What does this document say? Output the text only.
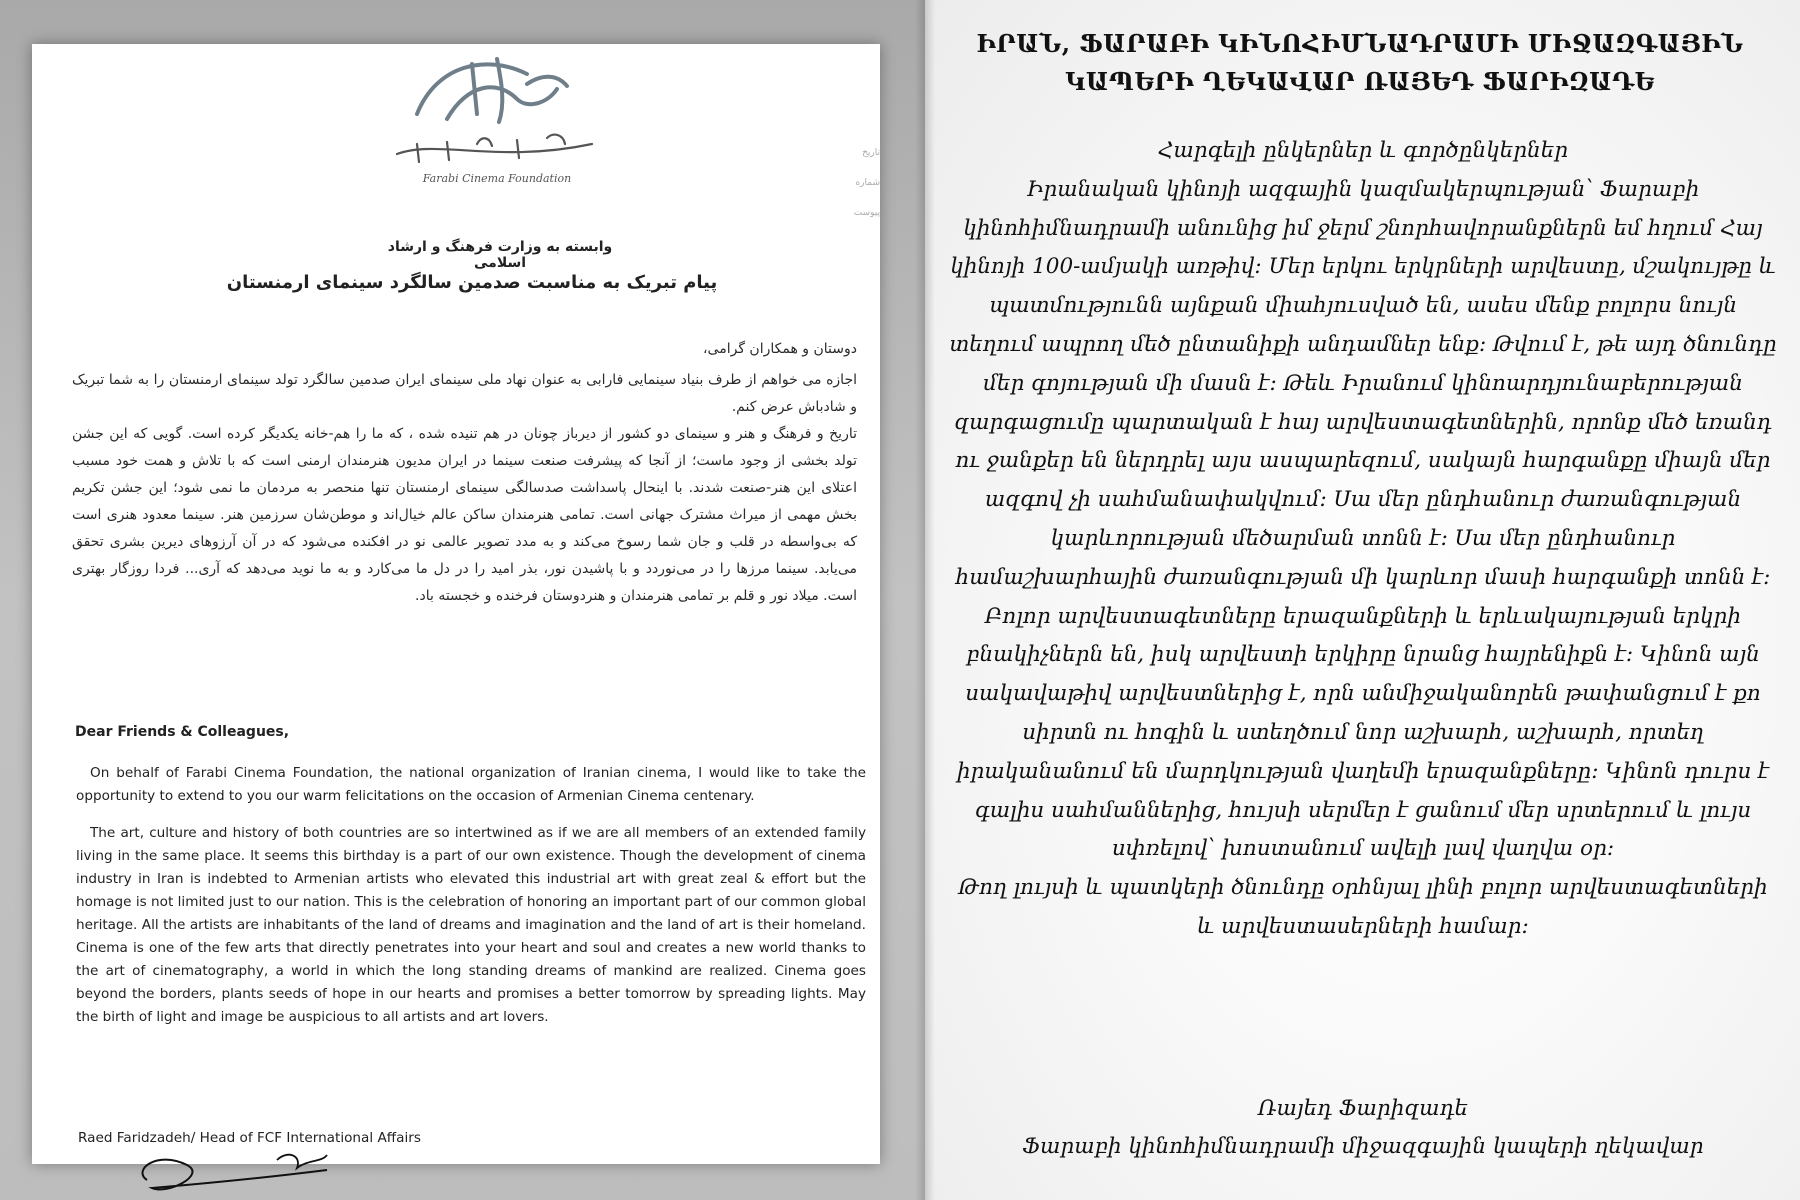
Farabi Cinema Foundation
تاریخ
شماره
پیوست
وابسته به وزارت فرهنگ و ارشاد اسلامی
پیام تبریک به مناسبت صدمین سالگرد سینمای ارمنستان

دوستان و همکاران گرامی،

اجازه می خواهم از طرف بنیاد سینمایی فارابی به عنوان نهاد ملی سینمای ایران صدمین سالگرد تولد سینمای ارمنستان را به شما تبریک و شادباش عرض کنم.

تاریخ و فرهنگ و هنر و سینمای دو کشور از دیرباز چونان در هم تنیده شده ، که ما را هم-خانه یکدیگر کرده است. گویی که این جشن تولد بخشی از وجود ماست؛ از آنجا که پیشرفت صنعت سینما در ایران مدیون هنرمندان ارمنی است که با تلاش و همت خود مسبب اعتلای این هنر-صنعت شدند. با اینحال پاسداشت صدسالگی سینمای ارمنستان تنها منحصر به مردمان ما نمی شود؛ این جشن تکریم بخش مهمی از میراث مشترک جهانی است. تمامی هنرمندان ساکن عالم خیال‌اند و موطن‌شان سرزمین هنر. سینما معدود هنری است که بی‌واسطه در قلب و جان شما رسوخ می‌کند و به مدد تصویر عالمی نو در افکنده می‌شود که در آن آرزوهای دیرین بشری تحقق می‌یابد. سینما مرزها را در می‌نوردد و با پاشیدن نور، بذر امید را در دل ما می‌کارد و به ما نوید می‌دهد که آری... فردا روزگار بهتری است. میلاد نور و قلم بر تمامی هنرمندان و هنردوستان فرخنده و خجسته باد.

Dear Friends & Colleagues,

On behalf of Farabi Cinema Foundation, the national organization of Iranian cinema, I would like to take the opportunity to extend to you our warm felicitations on the occasion of Armenian Cinema centenary.

The art, culture and history of both countries are so intertwined as if we are all members of an extended family living in the same place. It seems this birthday is a part of our own existence. Though the development of cinema industry in Iran is indebted to Armenian artists who elevated this industrial art with great zeal & effort but the homage is not limited just to our nation. This is the celebration of honoring an important part of our common global heritage. All the artists are inhabitants of the land of dreams and imagination and the land of art is their homeland. Cinema is one of the few arts that directly penetrates into your heart and soul and creates a new world thanks to the art of cinematography, a world in which the long standing dreams of mankind are realized. Cinema goes beyond the borders, plants seeds of hope in our hearts and promises a better tomorrow by spreading lights. May the birth of light and image be auspicious to all artists and art lovers.

Raed Faridzadeh/ Head of FCF International Affairs
ԻՐԱՆ, ՖԱՐԱԲԻ ԿԻՆՈՀԻՄՆԱԴՐԱՄԻ ՄԻՋԱԶԳԱՅԻՆ ԿԱՊԵՐԻ ՂԵԿԱՎԱՐ ՌԱՅԵԴ ՖԱՐԻԶԱԴԵ

Հարգելի ընկերներ և գործընկերներ

Իրանական կինոյի ազգային կազմակերպության՝ Ֆարաբի կինոհիմնադրամի անունից իմ ջերմ շնորհավորանքներն եմ հղում Հայ կինոյի 100-ամյակի առթիվ: Մեր երկու երկրների արվեստը, մշակույթը և պատմությունն այնքան միահյուսված են, ասես մենք բոլորս նույն տեղում ապրող մեծ ընտանիքի անդամներ ենք: Թվում է, թե այդ ծնունդը մեր գոյության մի մասն է: Թեև Իրանում կինոարդյունաբերության զարգացումը պարտական է հայ արվեստագետներին, որոնք մեծ եռանդ ու ջանքեր են ներդրել այս ասպարեզում, սակայն հարգանքը միայն մեր ազգով չի սահմանափակվում: Սա մեր ընդհանուր ժառանգության կարևորության մեծարման տոնն է: Սա մեր ընդհանուր համաշխարհային ժառանգության մի կարևոր մասի հարգանքի տոնն է: Բոլոր արվեստագետները երազանքների և երևակայության երկրի բնակիչներն են, իսկ արվեստի երկիրը նրանց հայրենիքն է: Կինոն այն սակավաթիվ արվեստներից է, որն անմիջականորեն թափանցում է քո սիրտն ու հոգին և ստեղծում նոր աշխարհ, աշխարհ, որտեղ իրականանում են մարդկության վաղեմի երազանքները: Կինոն դուրս է գալիս սահմաններից, հույսի սերմեր է ցանում մեր սրտերում և լույս սփռելով՝ խոստանում ավելի լավ վաղվա օր:

Թող լույսի և պատկերի ծնունդը օրհնյալ լինի բոլոր արվեստագետների և արվեստասերների համար:

Ռայեդ Ֆարիզադե
Ֆարաբի կինոհիմնադրամի միջազգային կապերի ղեկավար
